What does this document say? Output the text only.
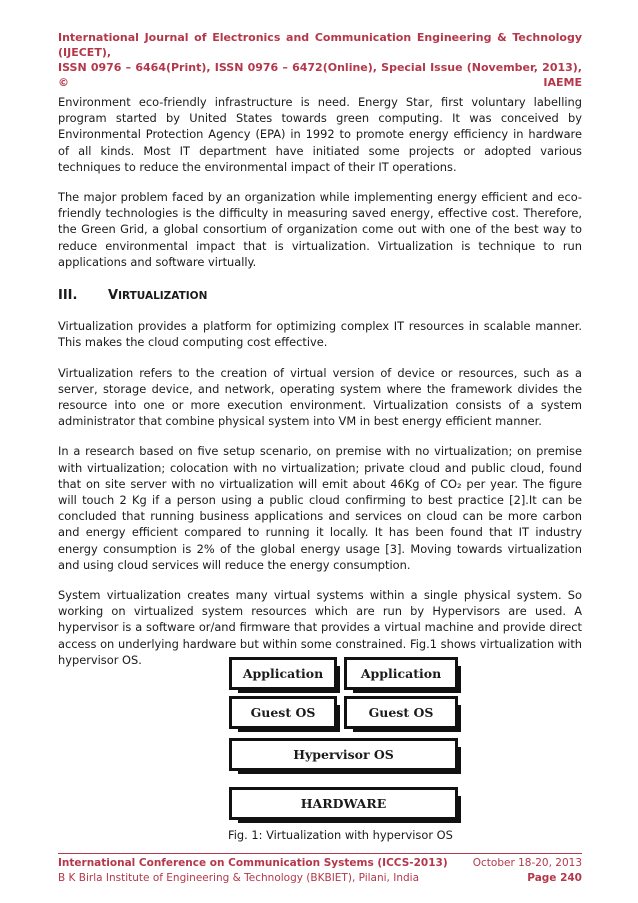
International Journal of Electronics and Communication Engineering & Technology (IJECET),
ISSN 0976 – 6464(Print), ISSN 0976 – 6472(Online), Special Issue (November, 2013), © IAEME

Environment eco-friendly infrastructure is need. Energy Star, first voluntary labelling program started by United States towards green computing. It was conceived by Environmental Protection Agency (EPA) in 1992 to promote energy efficiency in hardware of all kinds. Most IT department have initiated some projects or adopted various techniques to reduce the environmental impact of their IT operations.

The major problem faced by an organization while implementing energy efficient and eco-friendly technologies is the difficulty in measuring saved energy, effective cost. Therefore, the Green Grid, a global consortium of organization come out with one of the best way to reduce environmental impact that is virtualization. Virtualization is technique to run applications and software virtually.

III.	VIRTUALIZATION

Virtualization provides a platform for optimizing complex IT resources in scalable manner. This makes the cloud computing cost effective.

Virtualization refers to the creation of virtual version of device or resources, such as a server, storage device, and network, operating system where the framework divides the resource into one or more execution environment. Virtualization consists of a system administrator that combine physical system into VM in best energy efficient manner.

In a research based on five setup scenario, on premise with no virtualization; on premise with virtualization; colocation with no virtualization; private cloud and public cloud, found that on site server with no virtualization will emit about 46Kg of CO₂ per year. The figure will touch 2 Kg if a person using a public cloud confirming to best practice [2].It can be concluded that running business applications and services on cloud can be more carbon and energy efficient compared to running it locally. It has been found that IT industry energy consumption is 2% of the global energy usage [3]. Moving towards virtualization and using cloud services will reduce the energy consumption.

System virtualization creates many virtual systems within a single physical system. So working on virtualized system resources which are run by Hypervisors are used. A hypervisor is a software or/and firmware that provides a virtual machine and provide direct access on underlying hardware but within some constrained. Fig.1 shows virtualization with hypervisor OS.

Application	Application
Guest OS	Guest OS
Hypervisor OS
HARDWARE
Fig. 1: Virtualization with hypervisor OS
International Conference on Communication Systems (ICCS-2013) October 18-20, 2013
B K Birla Institute of Engineering & Technology (BKBIET), Pilani, India	Page 240
